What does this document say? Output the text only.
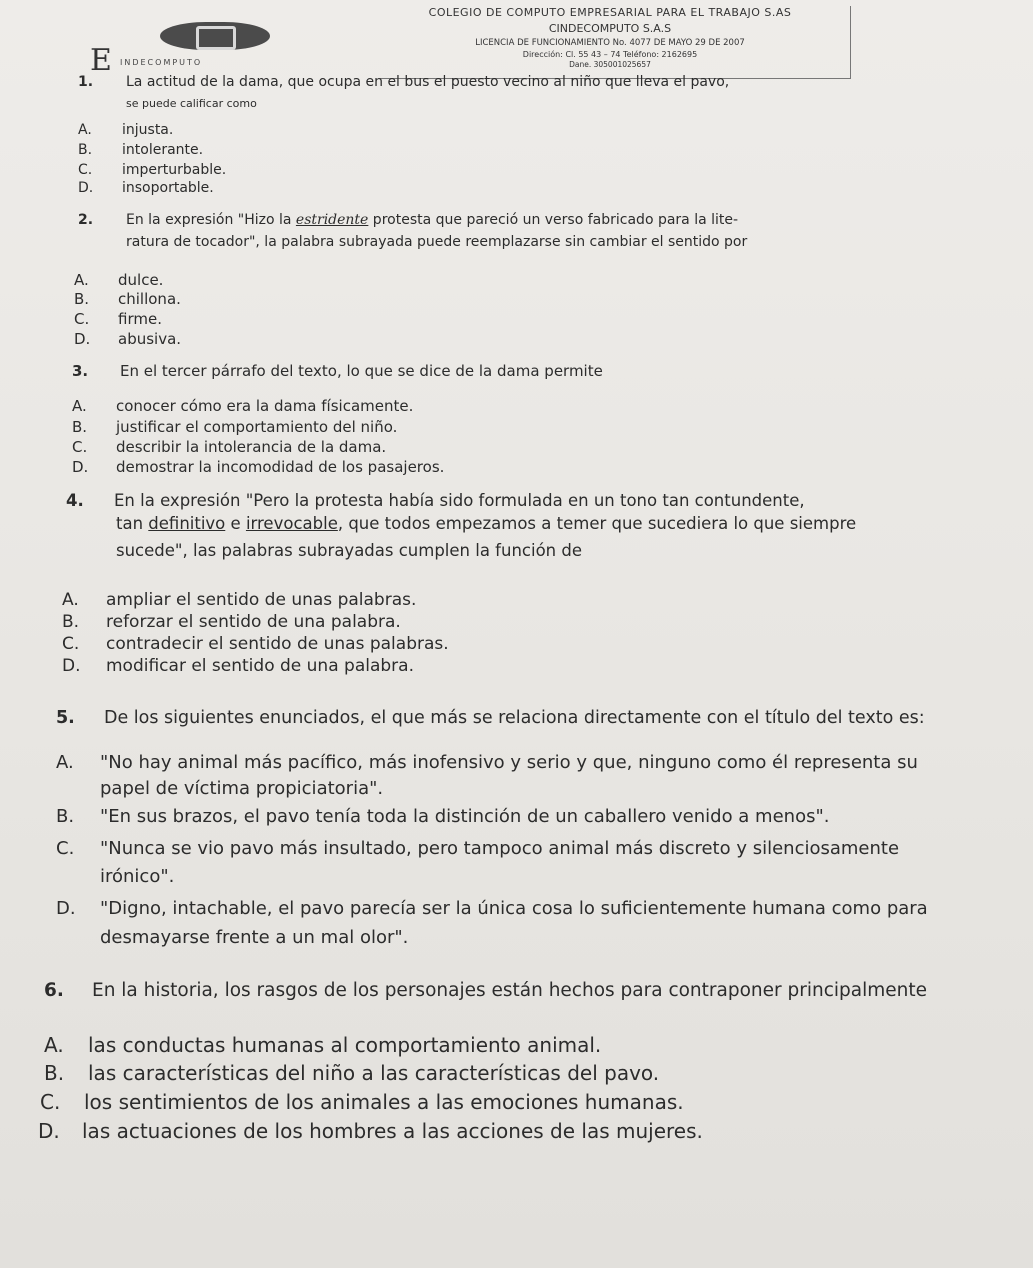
E INDECOMPUTO
COLEGIO DE COMPUTO EMPRESARIAL PARA EL TRABAJO S.AS
CINDECOMPUTO S.A.S
LICENCIA DE FUNCIONAMIENTO No. 4077 DE MAYO 29 DE 2007
Dirección: Cl. 55 43 – 74 Teléfono: 2162695
Dane. 305001025657
1. La actitud de la dama, que ocupa en el bus el puesto vecino al niño que lleva el pavo,
se puede calificar como
A. injusta.
B. intolerante.
C. imperturbable.
D. insoportable.
2. En la expresión "Hizo la estridente protesta que pareció un verso fabricado para la lite-
ratura de tocador", la palabra subrayada puede reemplazarse sin cambiar el sentido por
A. dulce.
B. chillona.
C. firme.
D. abusiva.
3. En el tercer párrafo del texto, lo que se dice de la dama permite
A. conocer cómo era la dama físicamente.
B. justificar el comportamiento del niño.
C. describir la intolerancia de la dama.
D. demostrar la incomodidad de los pasajeros.
4. En la expresión "Pero la protesta había sido formulada en un tono tan contundente,
tan definitivo e irrevocable, que todos empezamos a temer que sucediera lo que siempre
sucede", las palabras subrayadas cumplen la función de
A. ampliar el sentido de unas palabras.
B. reforzar el sentido de una palabra.
C. contradecir el sentido de unas palabras.
D. modificar el sentido de una palabra.
5. De los siguientes enunciados, el que más se relaciona directamente con el título del texto es:
A. "No hay animal más pacífico, más inofensivo y serio y que, ninguno como él representa su
papel de víctima propiciatoria".
B. "En sus brazos, el pavo tenía toda la distinción de un caballero venido a menos".
C. "Nunca se vio pavo más insultado, pero tampoco animal más discreto y silenciosamente
irónico".
D. "Digno, intachable, el pavo parecía ser la única cosa lo suficientemente humana como para
desmayarse frente a un mal olor".
6. En la historia, los rasgos de los personajes están hechos para contraponer principalmente
A. las conductas humanas al comportamiento animal.
B. las características del niño a las características del pavo.
C. los sentimientos de los animales a las emociones humanas.
D. las actuaciones de los hombres a las acciones de las mujeres.
